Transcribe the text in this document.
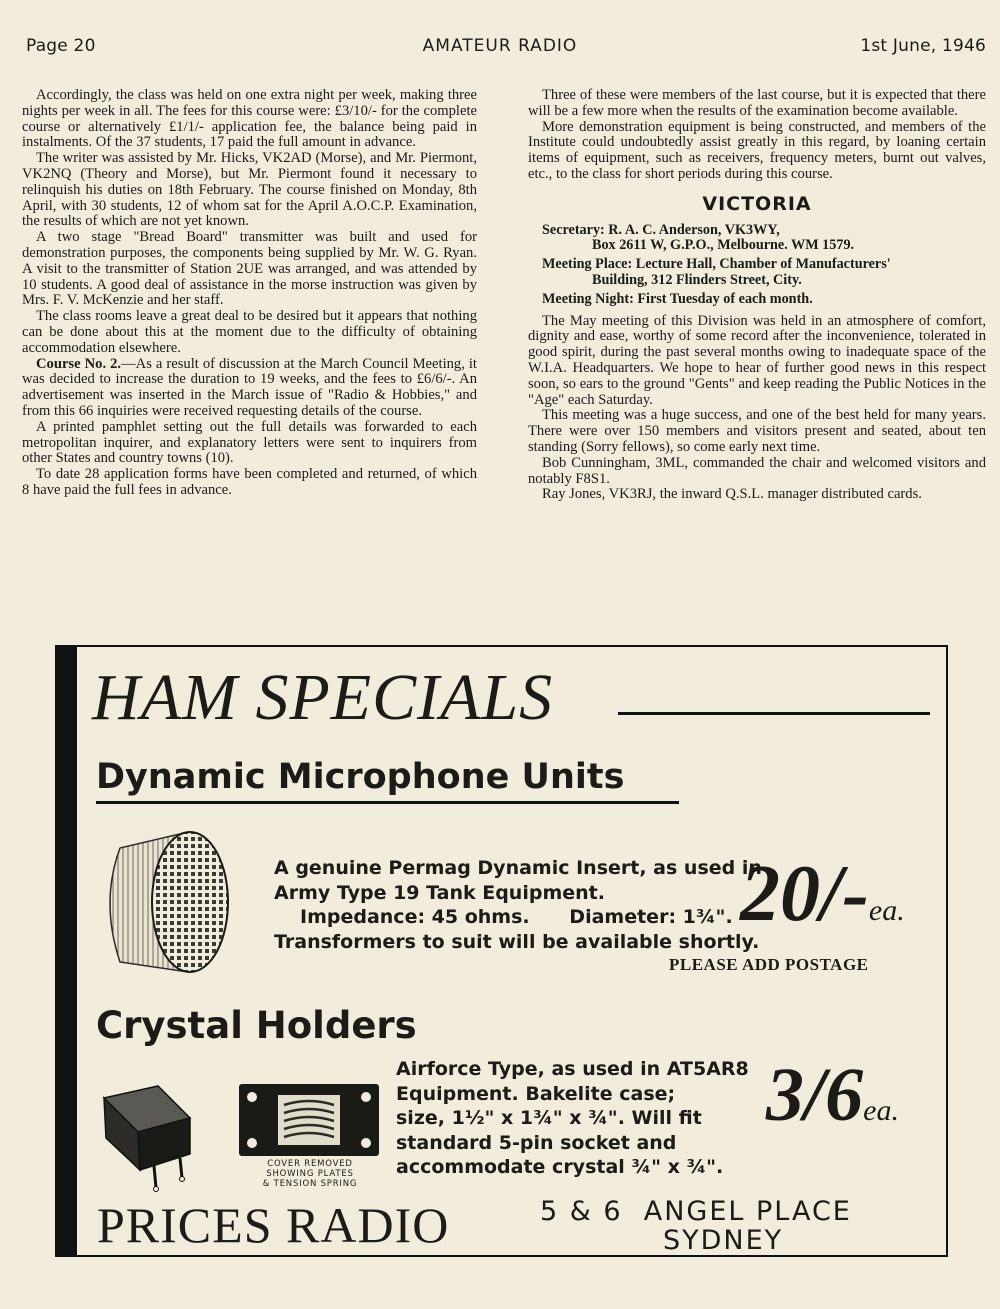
Page 20	AMATEUR RADIO	1st June, 1946

Accordingly, the class was held on one extra night per week, making three nights per week in all. The fees for this course were: £3/10/- for the complete course or alternatively £1/1/- application fee, the balance being paid in instalments. Of the 37 students, 17 paid the full amount in advance.

The writer was assisted by Mr. Hicks, VK2AD (Morse), and Mr. Piermont, VK2NQ (Theory and Morse), but Mr. Piermont found it necessary to relinquish his duties on 18th February. The course finished on Monday, 8th April, with 30 students, 12 of whom sat for the April A.O.C.P. Examination, the results of which are not yet known.

A two stage "Bread Board" transmitter was built and used for demonstration purposes, the components being supplied by Mr. W. G. Ryan. A visit to the transmitter of Station 2UE was arranged, and was attended by 10 students. A good deal of assistance in the morse instruction was given by Mrs. F. V. McKenzie and her staff.

The class rooms leave a great deal to be desired but it appears that nothing can be done about this at the moment due to the difficulty of obtaining accommodation elsewhere.

Course No. 2.—As a result of discussion at the March Council Meeting, it was decided to increase the duration to 19 weeks, and the fees to £6/6/-. An advertisement was inserted in the March issue of "Radio & Hobbies," and from this 66 inquiries were received requesting details of the course.

A printed pamphlet setting out the full details was forwarded to each metropolitan inquirer, and explanatory letters were sent to inquirers from other States and country towns (10).

To date 28 application forms have been completed and returned, of which 8 have paid the full fees in advance.

Three of these were members of the last course, but it is expected that there will be a few more when the results of the examination become available.

More demonstration equipment is being constructed, and members of the Institute could undoubtedly assist greatly in this regard, by loaning certain items of equipment, such as receivers, frequency meters, burnt out valves, etc., to the class for short periods during this course.

VICTORIA
Secretary: R. A. C. Anderson, VK3WY,
Box 2611 W, G.P.O., Melbourne. WM 1579.
Meeting Place: Lecture Hall, Chamber of Manufacturers'
Building, 312 Flinders Street, City.
Meeting Night: First Tuesday of each month.

The May meeting of this Division was held in an atmosphere of comfort, dignity and ease, worthy of some record after the inconvenience, tolerated in good spirit, during the past several months owing to inadequate space of the W.I.A. Headquarters. We hope to hear of further good news in this respect soon, so ears to the ground "Gents" and keep reading the Public Notices in the "Age" each Saturday.

This meeting was a huge success, and one of the best held for many years. There were over 150 members and visitors present and seated, about ten standing (Sorry fellows), so come early next time.

Bob Cunningham, 3ML, commanded the chair and welcomed visitors and notably F8S1.

Ray Jones, VK3RJ, the inward Q.S.L. manager distributed cards.

HAM SPECIALS
Dynamic Microphone Units
A genuine Permag Dynamic Insert, as used in
Army Type 19 Tank Equipment.
Impedance: 45 ohms.      Diameter: 1¾".
Transformers to suit will be available shortly.
20/-ea.
PLEASE ADD POSTAGE
Crystal Holders
COVER REMOVED
SHOWING PLATES
& TENSION SPRING
Airforce Type, as used in AT5AR8
Equipment. Bakelite case;
size, 1½" x 1¾" x ¾". Will fit
standard 5-pin socket and
accommodate crystal ¾" x ¾".
3/6ea.
PRICES RADIO	5 & 6  ANGEL PLACE
SYDNEY
